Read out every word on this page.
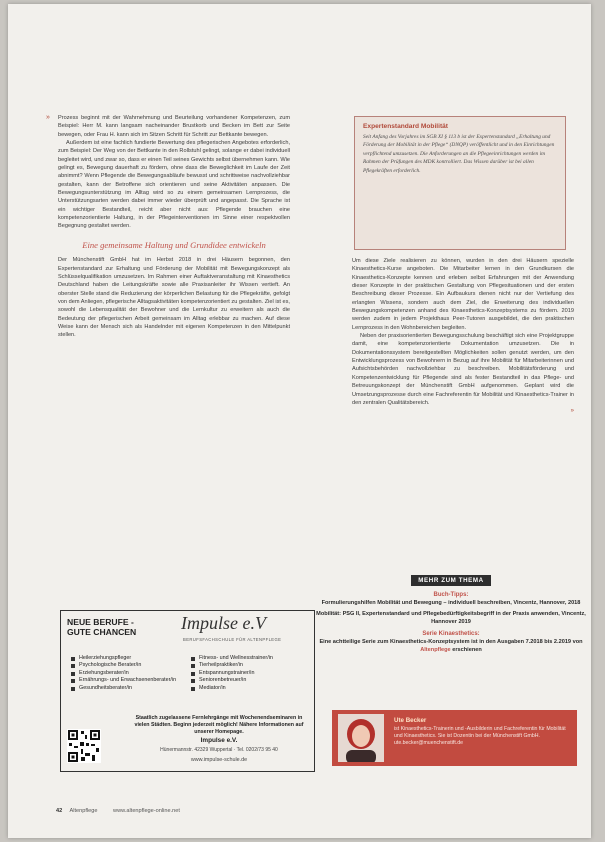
» Prozess beginnt mit der Wahrnehmung und Beurteilung vorhandener Kompetenzen, zum Beispiel: Herr M. kann langsam nacheinander Brustkorb und Becken im Bett zur Seite bewegen, oder Frau H. kann sich im Sitzen Schritt für Schritt zur Bettkante bewegen.

Außerdem ist eine fachlich fundierte Bewertung des pflegerischen Angebotes erforderlich, zum Beispiel: Der Weg von der Bettkante in den Rollstuhl gelingt, solange er dabei individuell begleitet wird, und zwar so, dass er einen Teil seines Gewichts selbst übernehmen kann. Wie gelingt es, Bewegung dauerhaft zu fördern, ohne dass die Beweglichkeit im Laufe der Zeit abnimmt? Wenn Pflegende die Bewegungsabläufe bewusst und schrittweise nachvollziehbar gestalten, kann der Betroffene sich orientieren und seine Aktivitäten anpassen. Die Bewegungsunterstützung im Alltag wird so zu einem gemeinsamen Lernprozess, die Unterstützungsarten werden dabei immer wieder überprüft und angepasst. Die Sprache ist ein wichtiger Bestandteil, reicht aber nicht aus: Pflegende brauchen eine kompetenzorientierte Haltung, in der Pflegeinterventionen im Sinne einer respektvollen Begegnung gestaltet werden.

Eine gemeinsame Haltung und Grundidee entwickeln

Der Münchenstift GmbH hat im Herbst 2018 in drei Häusern begonnen, den Expertenstandard zur Erhaltung und Förderung der Mobilität mit Bewegungskonzept als Schlüsselqualifikation umzusetzen. Im Rahmen einer Auftaktveranstaltung mit Kinaesthetics Deutschland haben die Leitungskräfte sowie alle Praxisanleiter ihr Wissen vertieft. An oberster Stelle stand die Reduzierung der körperlichen Belastung für die Pflegekräfte, gefolgt von dem Anliegen, pflegerische Alltagsaktivitäten kompetenzorientiert zu gestalten. Ziel ist es, sowohl die Lebensqualität der Bewohner und die Lernkultur zu erweitern als auch die Bedeutung der pflegerischen Arbeit gemeinsam im Alltag erlebbar zu machen. Auf diese Weise kann der Mensch sich als Handelnder mit eigenen Kompetenzen in den Mittelpunkt stellen.

Expertenstandard Mobilität
Seit Anfang des Vorjahres im SGB XI § 113 b ist der Expertenstandard „Erhaltung und Förderung der Mobilität in der Pflege“ (DNQP) veröffentlicht und in den Einrichtungen verpflichtend umzusetzen. Die Anforderungen an die Pflegeeinrichtungen werden im Rahmen der Prüfungen des MDK kontrolliert. Das Wissen darüber ist bei allen Pflegekräften erforderlich.

Um diese Ziele realisieren zu können, wurden in den drei Häusern spezielle Kinaesthetics-Kurse angeboten. Die Mitarbeiter lernen in den Grundkursen die Kinaesthetics-Konzepte kennen und erleben selbst Erfahrungen mit der Anwendung dieser Konzepte in der praktischen Gestaltung von Pflegesituationen und der ersten Beschreibung dieser Prozesse. Ein Aufbaukurs dienen nicht nur der Vertiefung des erlangten Wissens, sondern auch dem Ziel, die Erweiterung des individuellen Bewegungskompetenzen anhand des Kinaesthetics-Konzeptsystems zu fördern. 2019 werden zudem in jedem Projekthaus Peer-Tutoren ausgebildet, die den praktischen Lernprozess in den Wohnbereichen begleiten.

Neben der praxisorientierten Bewegungsschulung beschäftigt sich eine Projektgruppe damit, eine kompetenzorientierte Dokumentation umzusetzen. Die in Dokumentationssystem bereitgestellten Möglichkeiten sollen genutzt werden, um den Entwicklungsprozess von Bewohnern in Bezug auf ihre Mobilität für Mitarbeiterinnen und Aufsichtsbehörden nachvollziehbar zu beschreiben. Mobilitätsförderung und Kompetenzentwicklung für Pflegende sind als fester Bestandteil in das Pflege- und Betreuungskonzept der Münchenstift GmbH aufgenommen. Geplant wird die Umsetzungsprozesse durch eine Fachreferentin für Mobilität und Kinaesthetics-Trainer in den zentralen Qualitätsbereich.

»
MEHR ZUM THEMA
Buch-Tipps:
Formulierungshilfen Mobilität und Bewegung – individuell beschreiben, Vincentz, Hannover, 2018
Mobilität: PSG II, Expertenstandard und Pflegebedürftigkeitsbegriff in der Praxis anwenden, Vincentz, Hannover 2019
Serie Kinaesthetics:
Eine achtteilige Serie zum Kinaesthetics-Konzeptsystem ist in den Ausgaben 7.2018 bis 2.2019 von Altenpflege erschienen
Ute Becker
ist Kinaesthetics-Trainerin und -Ausbilderin und Fachreferentin für Mobilität und Kinaesthetics. Sie ist Dozentin bei der Münchenstift GmbH. ute.becker@muenchenstift.de
NEUE BERUFE -
GUTE CHANCEN Impulse e.V
BERUFSFACHSCHULE FÜR ALTENPFLEGE
Heilerziehungspfleger
Psychologische Berater/in
Erziehungsberater/in
Ernährungs- und Erwachsenenberater/in
Gesundheitsberater/in
Fitness- und Wellnesstrainer/in
Tierheilpraktiker/in
Entspannungstrainer/in
Seniorenbetreuer/in
Mediator/in
Staatlich zugelassene Fernlehrgänge mit Wochenendseminaren in vielen Städten. Beginn jederzeit möglich! Nähere Informationen auf unserer Homepage.
Impulse e.V.
Hünermannstr. 42329 Wuppertal · Tel. 0202/73 95 40
www.impulse-schule.de
42 Altenpflege	www.altenpflege-online.net
